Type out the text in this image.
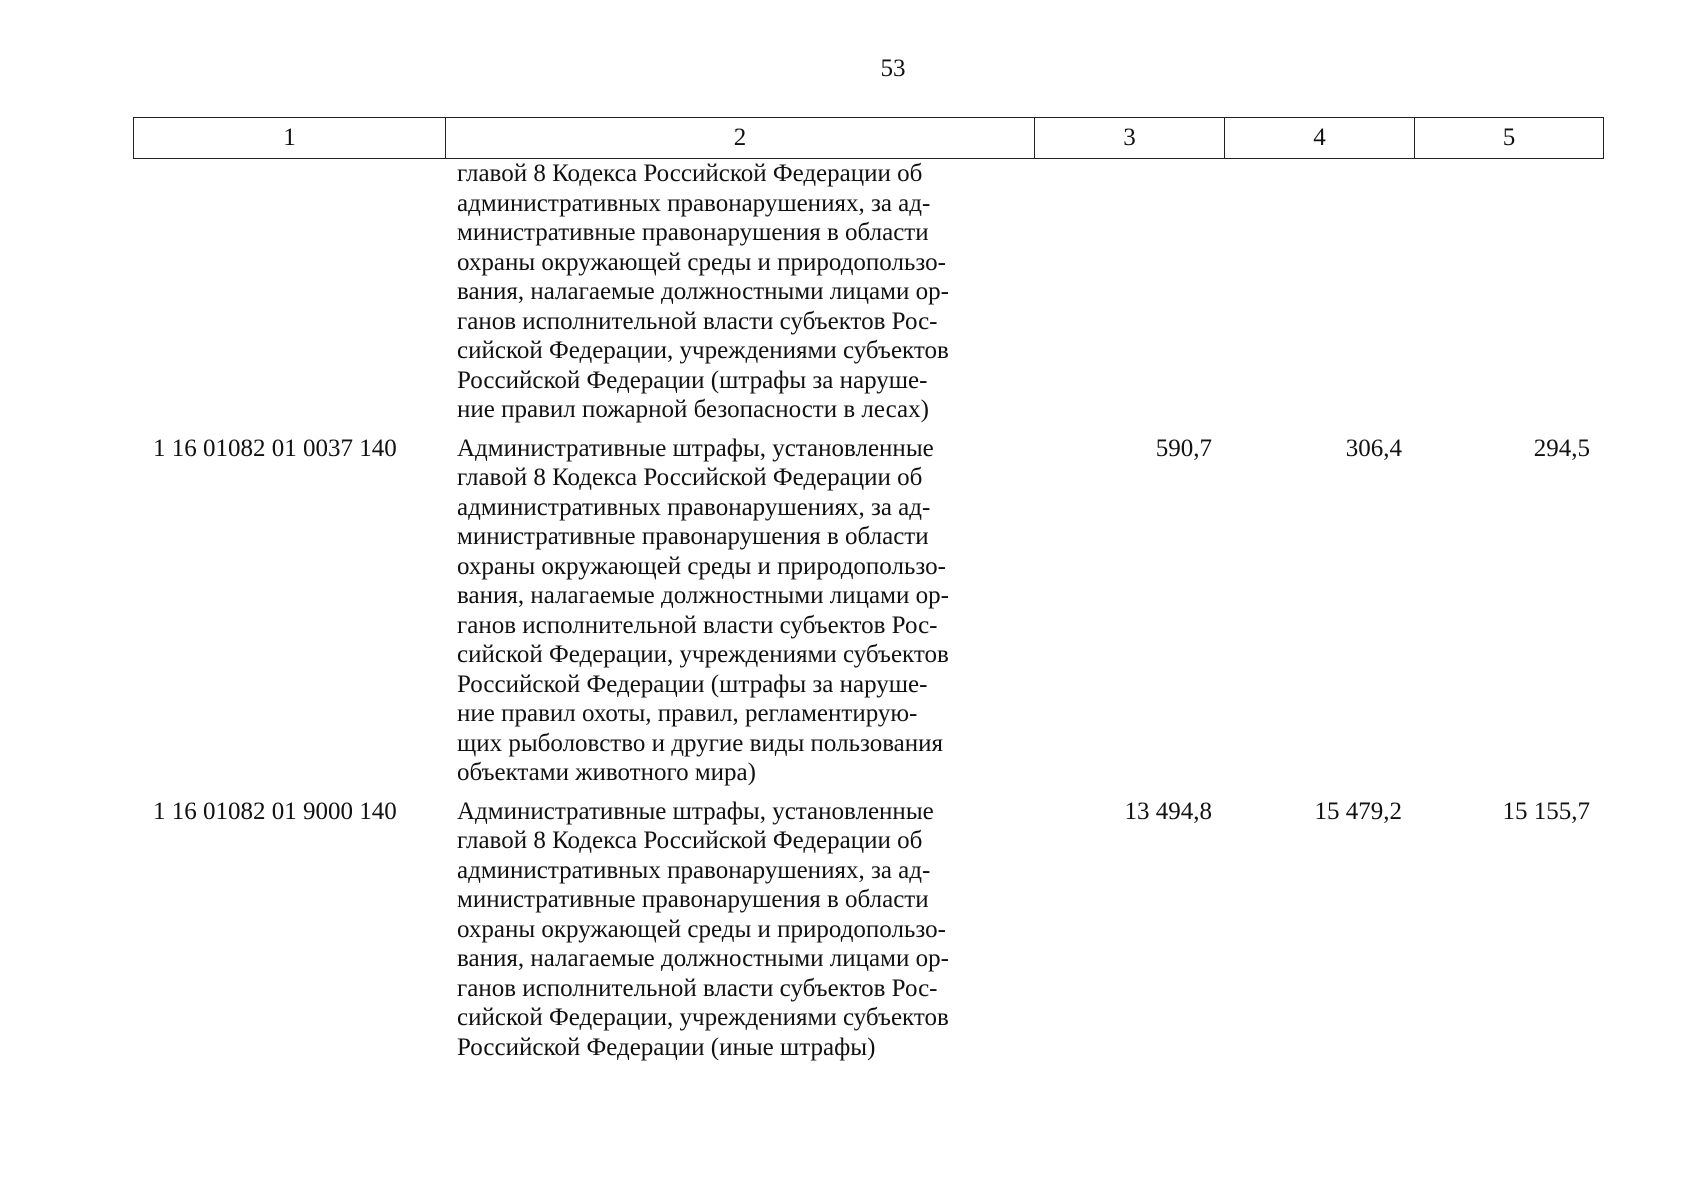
53
1	2	3	4	5
главой 8 Кодекса Российской Федерации об
административных правонарушениях, за ад-
министративные правонарушения в области
охраны окружающей среды и природопользо-
вания, налагаемые должностными лицами ор-
ганов исполнительной власти субъектов Рос-
сийской Федерации, учреждениями субъектов
Российской Федерации (штрафы за наруше-
ние правил пожарной безопасности в лесах)
1 16 01082 01 0037 140	Административные штрафы, установленные
главой 8 Кодекса Российской Федерации об
административных правонарушениях, за ад-
министративные правонарушения в области
охраны окружающей среды и природопользо-
вания, налагаемые должностными лицами ор-
ганов исполнительной власти субъектов Рос-
сийской Федерации, учреждениями субъектов
Российской Федерации (штрафы за наруше-
ние правил охоты, правил, регламентирую-
щих рыболовство и другие виды пользования
объектами животного мира)
590,7	306,4	294,5
1 16 01082 01 9000 140	Административные штрафы, установленные
главой 8 Кодекса Российской Федерации об
административных правонарушениях, за ад-
министративные правонарушения в области
охраны окружающей среды и природопользо-
вания, налагаемые должностными лицами ор-
ганов исполнительной власти субъектов Рос-
сийской Федерации, учреждениями субъектов
Российской Федерации (иные штрафы)
13 494,8	15 479,2	15 155,7
